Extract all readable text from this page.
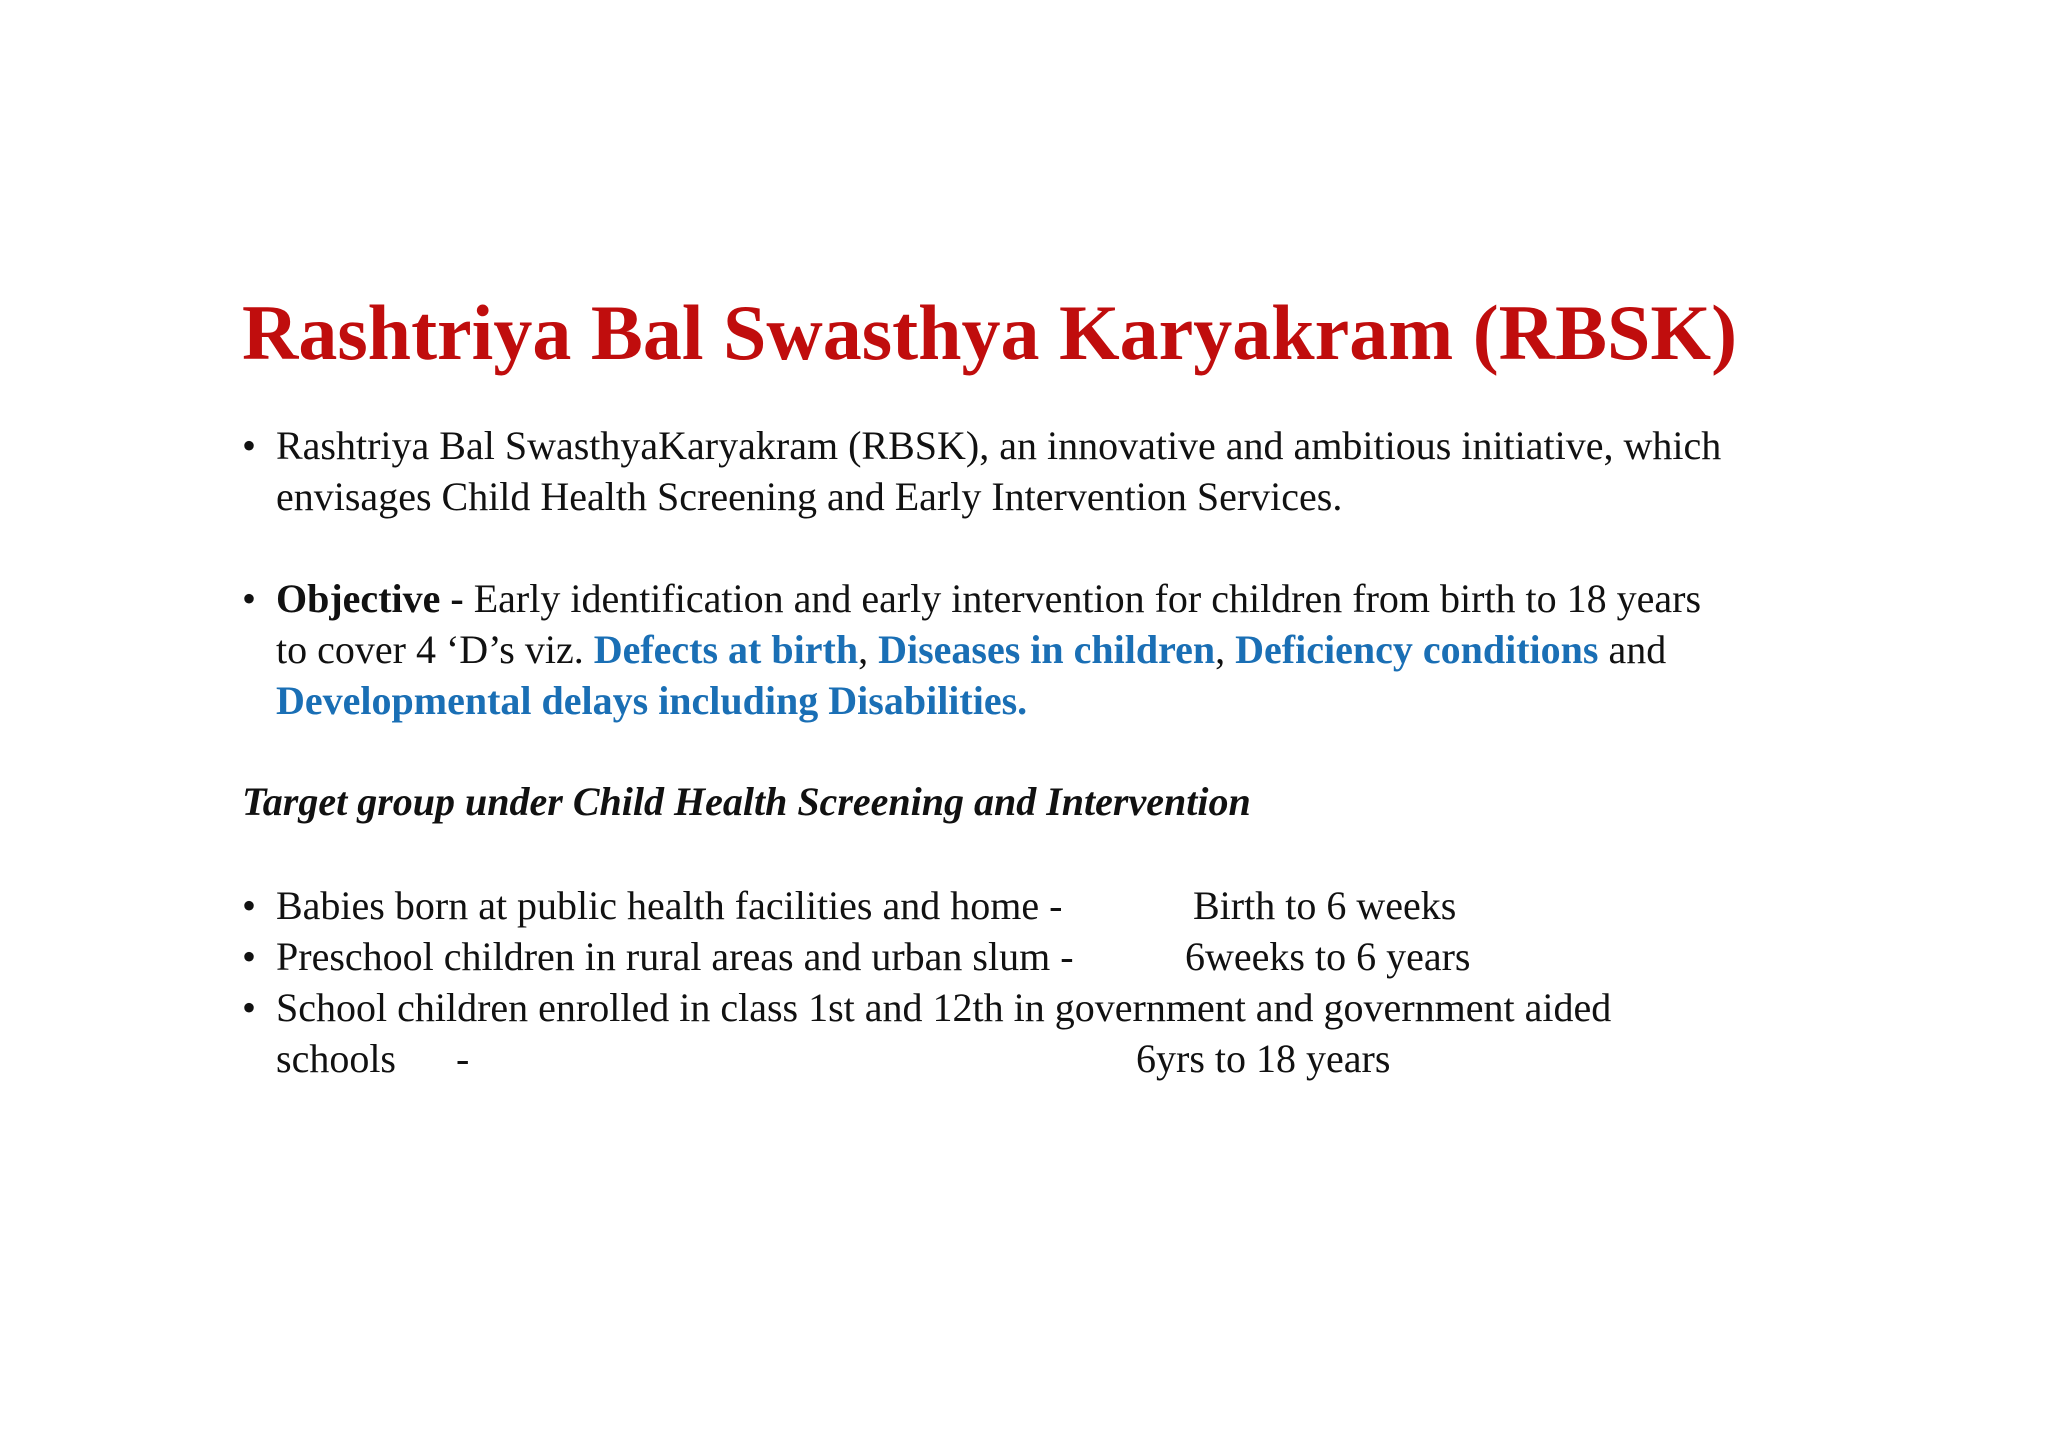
Rashtriya Bal Swasthya Karyakram (RBSK)
• Rashtriya Bal SwasthyaKaryakram (RBSK), an innovative and ambitious initiative, which
envisages Child Health Screening and Early Intervention Services.
• Objective - Early identification and early intervention for children from birth to 18 years
to cover 4 ‘D’s viz. Defects at birth, Diseases in children, Deficiency conditions and
Developmental delays including Disabilities.
Target group under Child Health Screening and Intervention
• Babies born at public health facilities and home -	Birth to 6 weeks
• Preschool children in rural areas and urban slum -	6weeks to 6 years
• School children enrolled in class 1st and 12th in government and government aided
schools -	6yrs to 18 years
